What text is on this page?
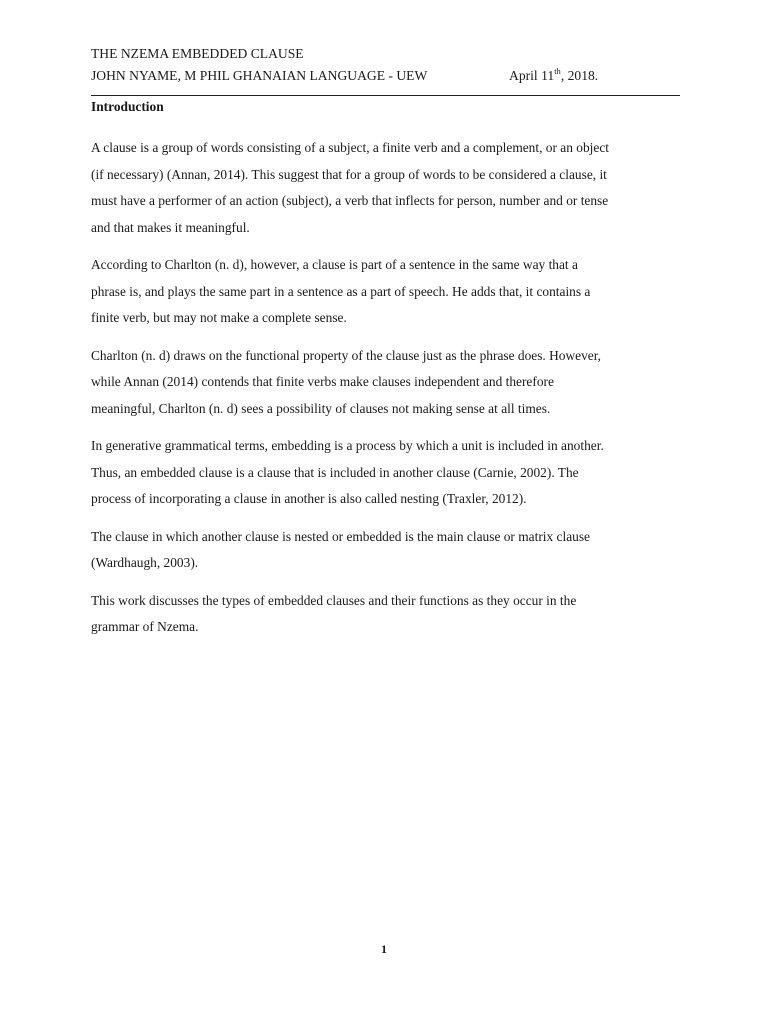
THE NZEMA EMBEDDED CLAUSE
JOHN NYAME, M PHIL GHANAIAN LANGUAGE - UEW	April 11th, 2018.
Introduction

A clause is a group of words consisting of a subject, a finite verb and a complement, or an object
(if necessary) (Annan, 2014). This suggest that for a group of words to be considered a clause, it
must have a performer of an action (subject), a verb that inflects for person, number and or tense
and that makes it meaningful.

According to Charlton (n. d), however, a clause is part of a sentence in the same way that a
phrase is, and plays the same part in a sentence as a part of speech. He adds that, it contains a
finite verb, but may not make a complete sense.

Charlton (n. d) draws on the functional property of the clause just as the phrase does. However,
while Annan (2014) contends that finite verbs make clauses independent and therefore
meaningful, Charlton (n. d) sees a possibility of clauses not making sense at all times.

In generative grammatical terms, embedding is a process by which a unit is included in another.
Thus, an embedded clause is a clause that is included in another clause (Carnie, 2002). The
process of incorporating a clause in another is also called nesting (Traxler, 2012).

The clause in which another clause is nested or embedded is the main clause or matrix clause
(Wardhaugh, 2003).

This work discusses the types of embedded clauses and their functions as they occur in the
grammar of Nzema.

1
